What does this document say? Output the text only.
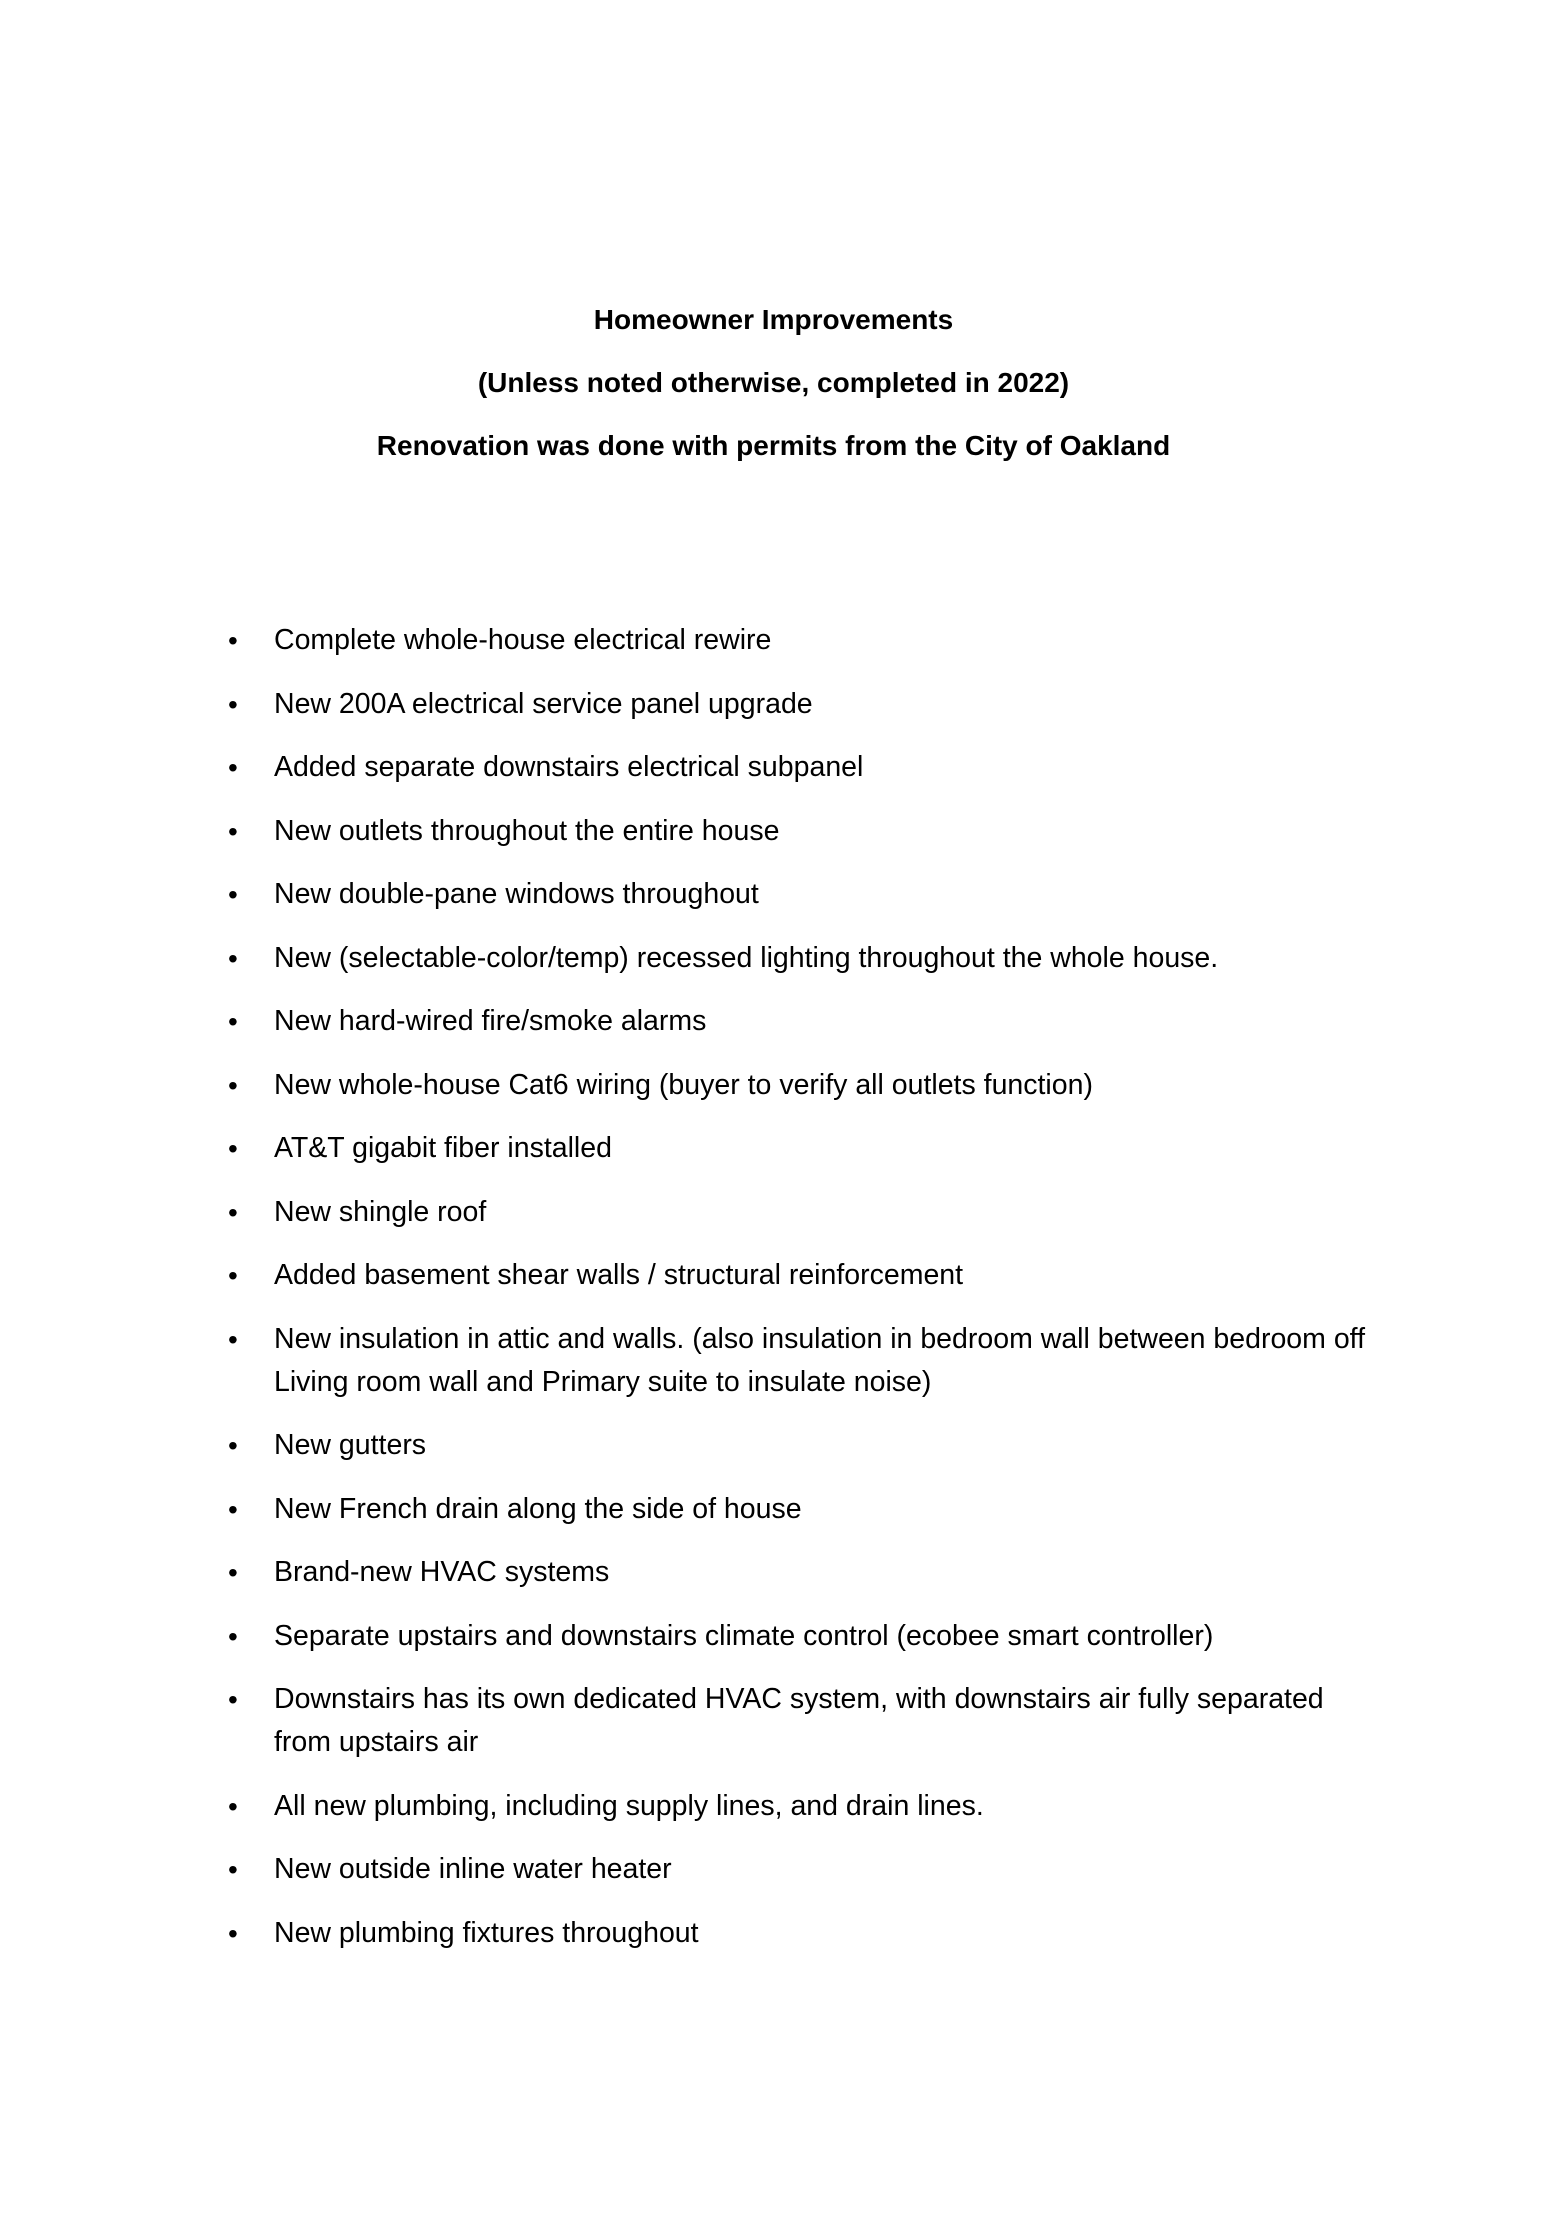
Homeowner Improvements

(Unless noted otherwise, completed in 2022)

Renovation was done with permits from the City of Oakland

•	Complete whole-house electrical rewire
•	New 200A electrical service panel upgrade
•	Added separate downstairs electrical subpanel
•	New outlets throughout the entire house
•	New double-pane windows throughout
•	New (selectable-color/temp) recessed lighting throughout the whole house.
•	New hard-wired fire/smoke alarms
•	New whole-house Cat6 wiring (buyer to verify all outlets function)
•	AT&T gigabit fiber installed
•	New shingle roof
•	Added basement shear walls / structural reinforcement
•	New insulation in attic and walls. (also insulation in bedroom wall between bedroom off Living room wall and Primary suite to insulate noise)
•	New gutters
•	New French drain along the side of house
•	Brand-new HVAC systems
•	Separate upstairs and downstairs climate control (ecobee smart controller)
•	Downstairs has its own dedicated HVAC system, with downstairs air fully separated from upstairs air
•	All new plumbing, including supply lines, and drain lines.
•	New outside inline water heater
•	New plumbing fixtures throughout
